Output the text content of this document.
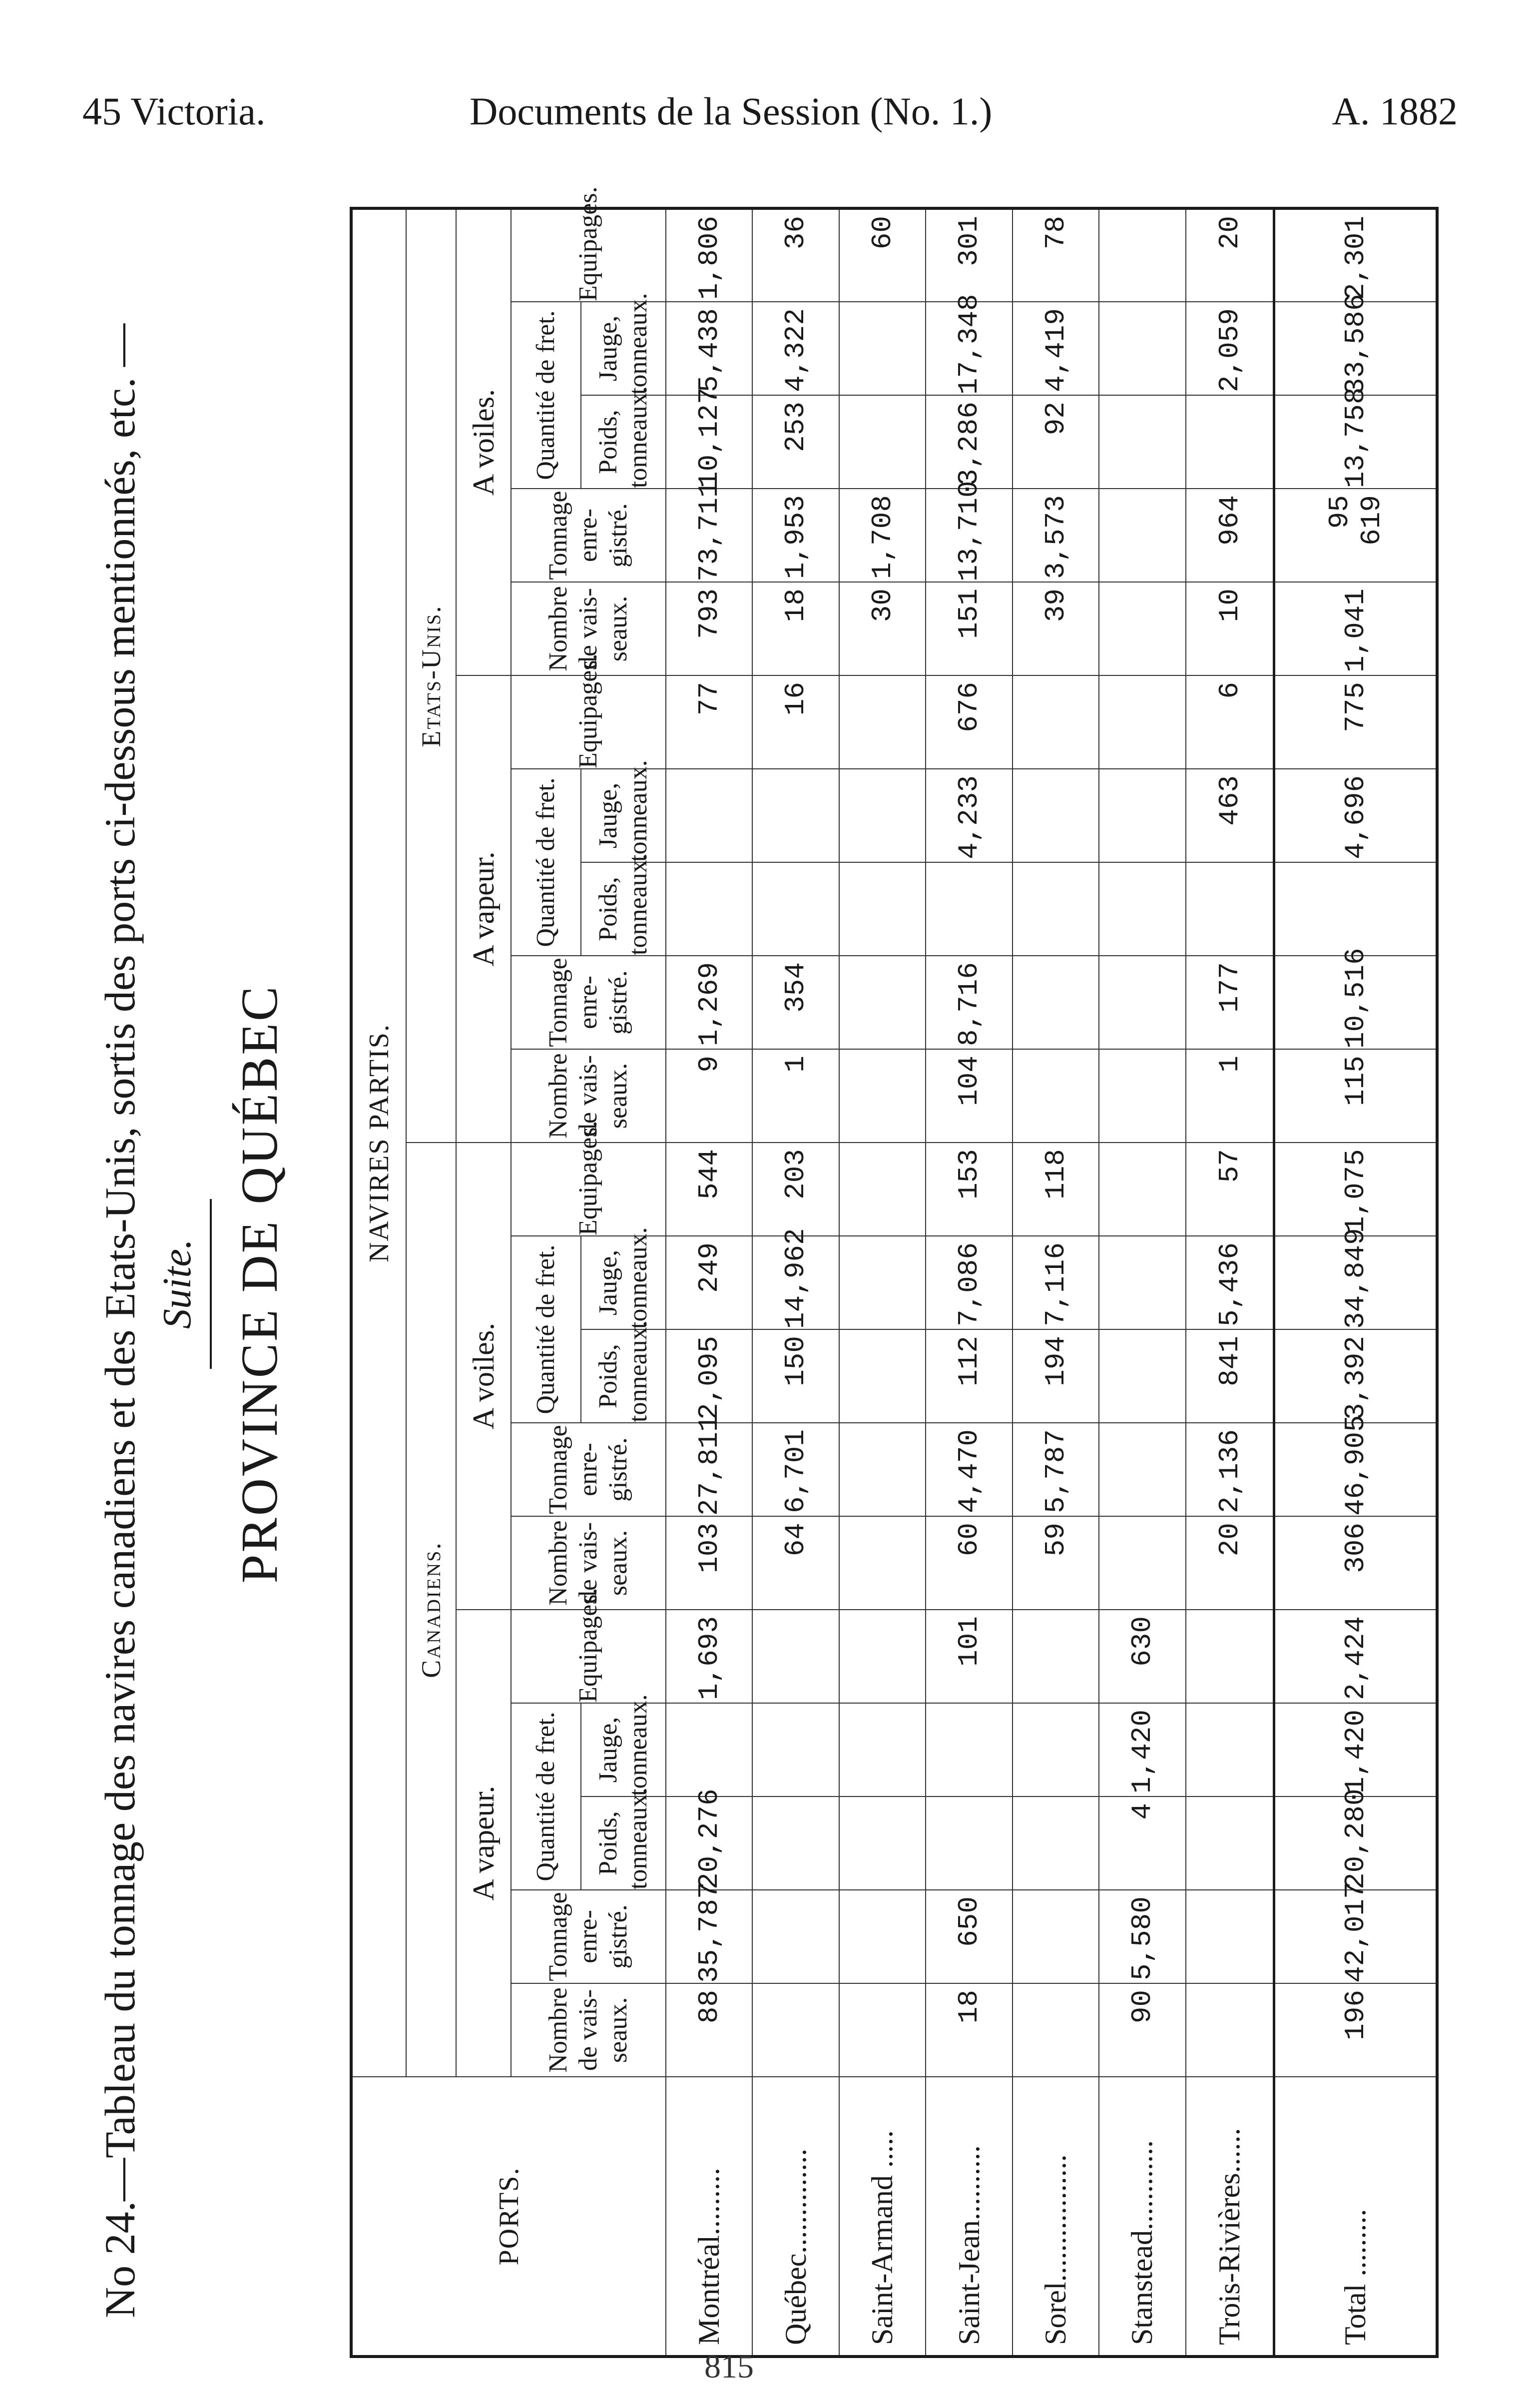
45 Victoria.	Documents de la Session (No. 1.)	A. 1882
No 24.—Tableau du tonnage des navires canadiens et des Etats-Unis, sortis des ports ci-dessous mentionnés, etc. — Suite. PROVINCE DE QUÉBEC
PORTS.	NAVIRES PARTIS.																			
	Canadiens.										Etats-Unis.									
	A vapeur.					A voiles.					A vapeur.					A voiles.				
	Nombre de vais-seaux.	Tonnage enre-gistré.	Quantité de fret.		Equipages.	Nombre de vais-seaux.	Tonnage enre-gistré.	Quantité de fret.		Equipages.	Nombre de vais-seaux.	Tonnage enre-gistré.	Quantité de fret.		Equipages.	Nombre de vais-seaux.	Tonnage enre-gistré.	Quantité de fret.		Equipages.
			Poids, tonneaux.	Jauge, tonneaux.				Poids, tonneaux.	Jauge, tonneaux.				Poids, tonneaux.	Jauge, tonneaux.				Poids, tonneaux.	Jauge, tonneaux.	
Montréal.........	88	35,787	20,276		1,693	103	27,811	2,095	249	544	9	1,269			77	793	73,711	10,127	5,438	1,806
Québec..............						64	6,701	150	14,962	203	1	354			16	18	1,953	253	4,322	36
Saint-Armand .....																30	1,708			60
Saint-Jean..........	18	650			101	60	4,470	112	7,086	153	104	8,716		4,233	676	151	13,710	3,286	17,348	301
Sorel.................						59	5,787	194	7,116	118						39	3,573	92	4,419	78
Stanstead............	90	5,580	4	1,420	630															
Trois-Rivières......						20	2,136	841	5,436	57	1	177		463	6	10	964		2,059	20
Total .........	196	42,017	20,280	1,420	2,424	306	46,905	3,392	34,849	1,075	115	10,516		4,696	775	1,041	95 619	13,758	33,586	2,301
815
